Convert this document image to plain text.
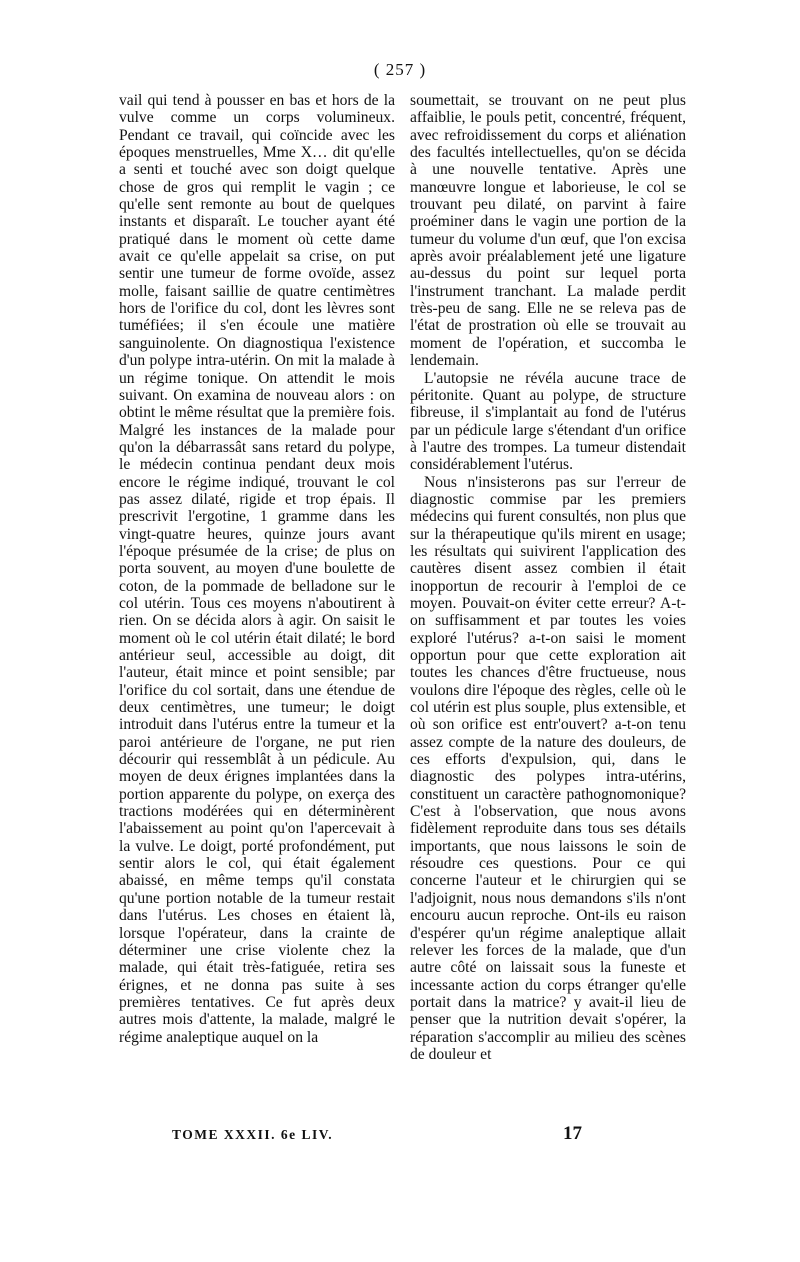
( 257 )

vail qui tend à pousser en bas et hors de la vulve comme un corps volumineux. Pendant ce travail, qui coïncide avec les époques menstruelles, Mme X… dit qu'elle a senti et touché avec son doigt quelque chose de gros qui remplit le vagin ; ce qu'elle sent remonte au bout de quelques instants et disparaît. Le toucher ayant été pratiqué dans le moment où cette dame avait ce qu'elle appelait sa crise, on put sentir une tumeur de forme ovoïde, assez molle, faisant saillie de quatre centimètres hors de l'orifice du col, dont les lèvres sont tuméfiées; il s'en écoule une matière sanguinolente. On diagnostiqua l'existence d'un polype intra-utérin. On mit la malade à un régime tonique. On attendit le mois suivant. On examina de nouveau alors : on obtint le même résultat que la première fois. Malgré les instances de la malade pour qu'on la débarrassât sans retard du polype, le médecin continua pendant deux mois encore le régime indiqué, trouvant le col pas assez dilaté, rigide et trop épais. Il prescrivit l'ergotine, 1 gramme dans les vingt-quatre heures, quinze jours avant l'époque présumée de la crise; de plus on porta souvent, au moyen d'une boulette de coton, de la pommade de belladone sur le col utérin. Tous ces moyens n'aboutirent à rien. On se décida alors à agir. On saisit le moment où le col utérin était dilaté; le bord antérieur seul, accessible au doigt, dit l'auteur, était mince et point sensible; par l'orifice du col sortait, dans une étendue de deux centimètres, une tumeur; le doigt introduit dans l'utérus entre la tumeur et la paroi antérieure de l'organe, ne put rien décourir qui ressemblât à un pédicule. Au moyen de deux érignes implantées dans la portion apparente du polype, on exerça des tractions modérées qui en déterminèrent l'abaissement au point qu'on l'apercevait à la vulve. Le doigt, porté profondément, put sentir alors le col, qui était également abaissé, en même temps qu'il constata qu'une portion notable de la tumeur restait dans l'utérus. Les choses en étaient là, lorsque l'opérateur, dans la crainte de déterminer une crise violente chez la malade, qui était très-fatiguée, retira ses érignes, et ne donna pas suite à ses premières tentatives. Ce fut après deux autres mois d'attente, la malade, malgré le régime analeptique auquel on la

soumettait, se trouvant on ne peut plus affaiblie, le pouls petit, concentré, fréquent, avec refroidissement du corps et aliénation des facultés intellectuelles, qu'on se décida à une nouvelle tentative. Après une manœuvre longue et laborieuse, le col se trouvant peu dilaté, on parvint à faire proéminer dans le vagin une portion de la tumeur du volume d'un œuf, que l'on excisa après avoir préalablement jeté une ligature au-dessus du point sur lequel porta l'instrument tranchant. La malade perdit très-peu de sang. Elle ne se releva pas de l'état de prostration où elle se trouvait au moment de l'opération, et succomba le lendemain.

L'autopsie ne révéla aucune trace de péritonite. Quant au polype, de structure fibreuse, il s'implantait au fond de l'utérus par un pédicule large s'étendant d'un orifice à l'autre des trompes. La tumeur distendait considérablement l'utérus.

Nous n'insisterons pas sur l'erreur de diagnostic commise par les premiers médecins qui furent consultés, non plus que sur la thérapeutique qu'ils mirent en usage; les résultats qui suivirent l'application des cautères disent assez combien il était inopportun de recourir à l'emploi de ce moyen. Pouvait-on éviter cette erreur? A-t-on suffisamment et par toutes les voies exploré l'utérus? a-t-on saisi le moment opportun pour que cette exploration ait toutes les chances d'être fructueuse, nous voulons dire l'époque des règles, celle où le col utérin est plus souple, plus extensible, et où son orifice est entr'ouvert? a-t-on tenu assez compte de la nature des douleurs, de ces efforts d'expulsion, qui, dans le diagnostic des polypes intra-utérins, constituent un caractère pathognomonique? C'est à l'observation, que nous avons fidèlement reproduite dans tous ses détails importants, que nous laissons le soin de résoudre ces questions. Pour ce qui concerne l'auteur et le chirurgien qui se l'adjoignit, nous nous demandons s'ils n'ont encouru aucun reproche. Ont-ils eu raison d'espérer qu'un régime analeptique allait relever les forces de la malade, que d'un autre côté on laissait sous la funeste et incessante action du corps étranger qu'elle portait dans la matrice? y avait-il lieu de penser que la nutrition devait s'opérer, la réparation s'accomplir au milieu des scènes de douleur et

TOME XXXII. 6e LIV.	17
